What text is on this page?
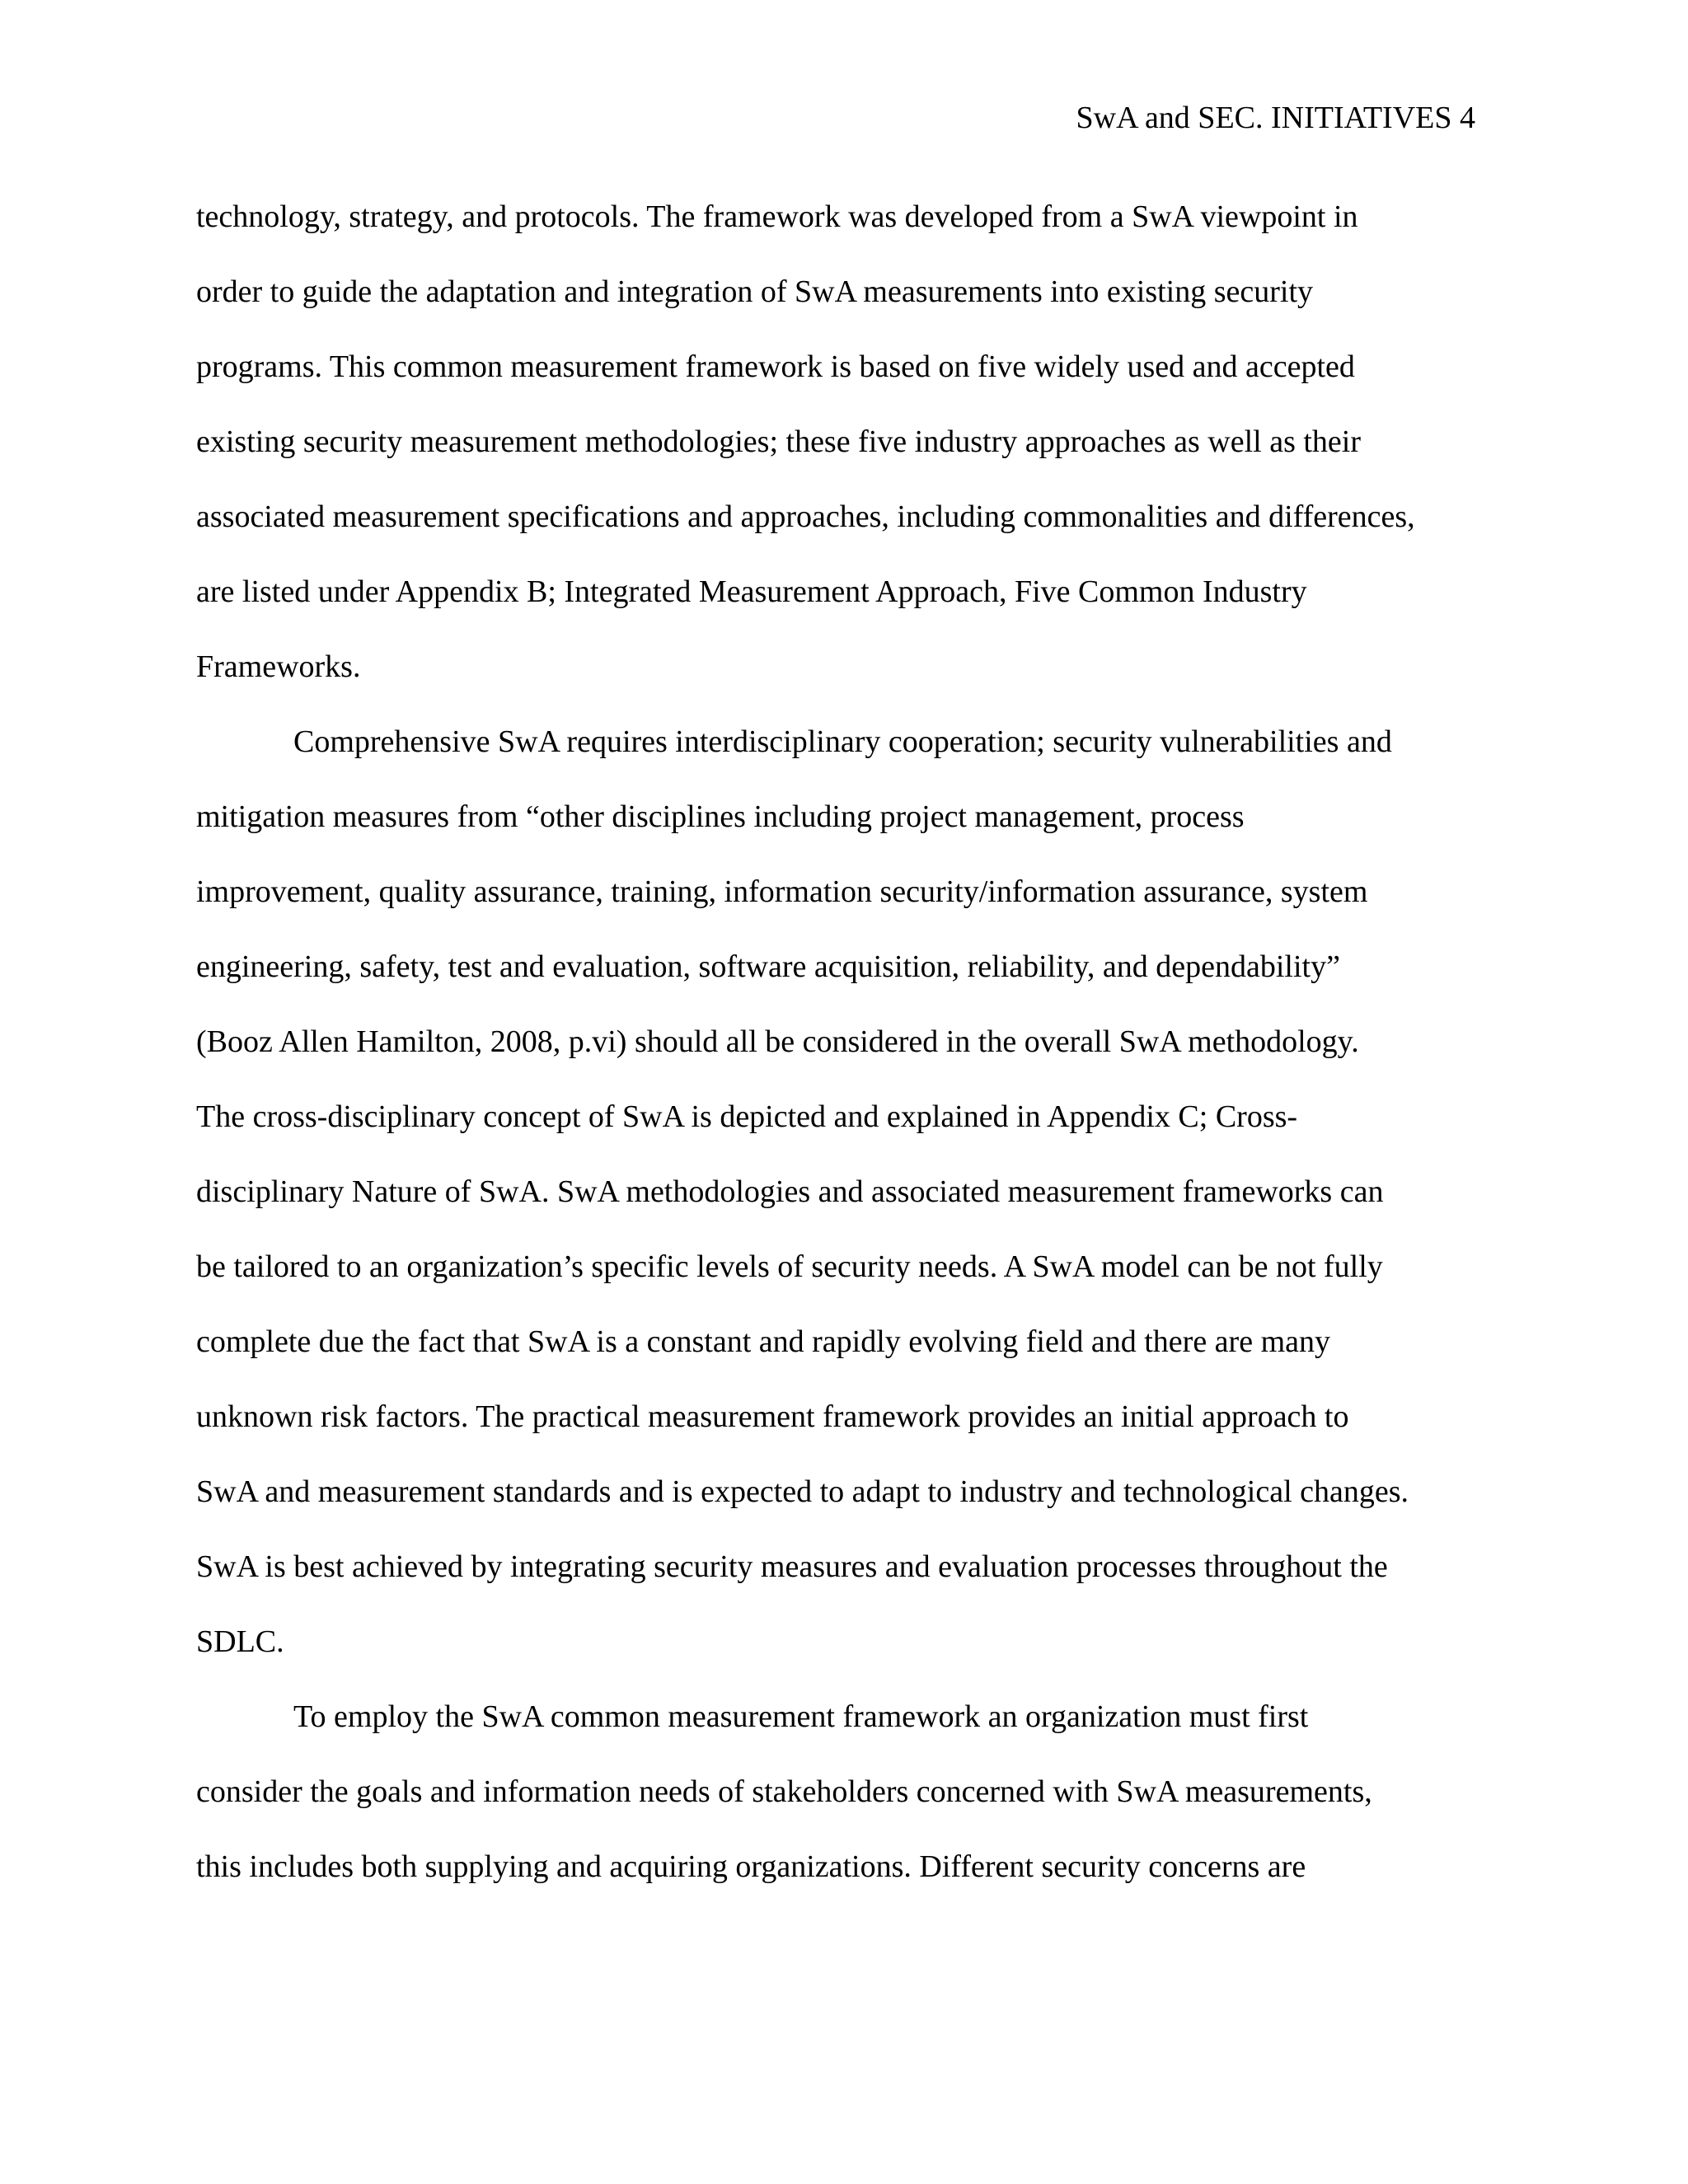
SwA and SEC. INITIATIVES 4
technology, strategy, and protocols. The framework was developed from a SwA viewpoint in
order to guide the adaptation and integration of SwA measurements into existing security
programs. This common measurement framework is based on five widely used and accepted
existing security measurement methodologies; these five industry approaches as well as their
associated measurement specifications and approaches, including commonalities and differences,
are listed under Appendix B; Integrated Measurement Approach, Five Common Industry
Frameworks.
Comprehensive SwA requires interdisciplinary cooperation; security vulnerabilities and
mitigation measures from “other disciplines including project management, process
improvement, quality assurance, training, information security/information assurance, system
engineering, safety, test and evaluation, software acquisition, reliability, and dependability”
(Booz Allen Hamilton, 2008, p.vi) should all be considered in the overall SwA methodology.
The cross-disciplinary concept of SwA is depicted and explained in Appendix C; Cross-
disciplinary Nature of SwA. SwA methodologies and associated measurement frameworks can
be tailored to an organization’s specific levels of security needs. A SwA model can be not fully
complete due the fact that SwA is a constant and rapidly evolving field and there are many
unknown risk factors. The practical measurement framework provides an initial approach to
SwA and measurement standards and is expected to adapt to industry and technological changes.
SwA is best achieved by integrating security measures and evaluation processes throughout the
SDLC.
To employ the SwA common measurement framework an organization must first
consider the goals and information needs of stakeholders concerned with SwA measurements,
this includes both supplying and acquiring organizations. Different security concerns are
